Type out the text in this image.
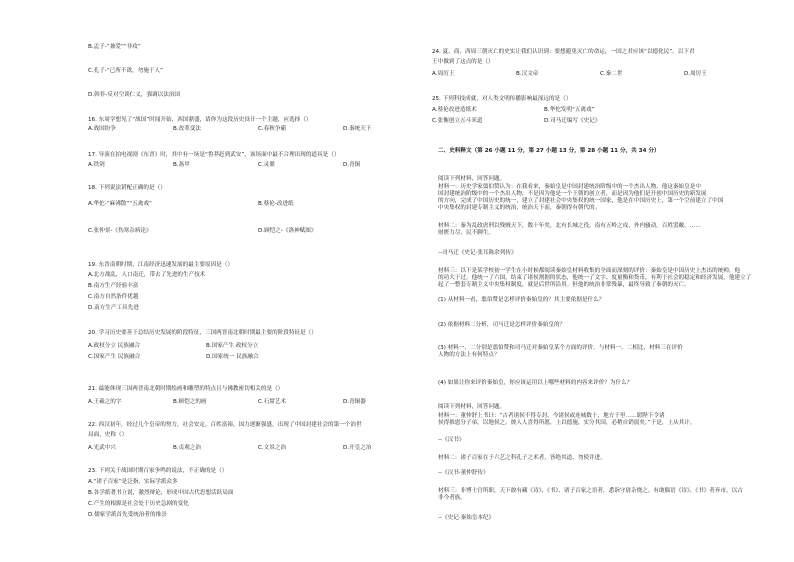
B.孟子-“兼爱”“非攻”
C.孔子-“已所不欲，勿施于人”
D.韩非-反对空谈仁义，强调以法治国
16. 东周学想见了“战国”时闻开始，西国鼎盛，请你为这段历史设计一个主题，应选择（）
A.战国纷争	B.改革变法	C.春秋争霸	D.秦统天下
17. 导演在拍电视剧《东晋》时，其中有一场是“鲁莽赶到武安”，该场面中最不合理出现的道具是（）
A.铁剑	B.盔甲	C.灵鼎	D.青铜
18. 下列说法错配正确的是（）
A.华佗-“麻沸散”“五禽戏”	B.蔡伦-改进纸
C.张仲景-《伤寒杂病论》	D.顾恺之-《洛神赋图》
19. 东晋南朝时期，江南经济迅速发展的最主要原因是（）
A.北方战乱，人口南迁，带去了先进的生产技术
B.南方生产经验丰富
C.南方自然条件优越
D.南方生产工具先进
20. 学习历史要善于总结历史发展的阶段特征，三国两晋南北朝时期最主要的阶段特征是（）
A.政权分立 民族融合	B.国家产生 政权分立
C.国家产生 民族融合	D.国家统一 民族融合
21. 最能体现三国两晋南北朝时期绘画和雕塑的特点且与佛教密切相关的是（）
A.王羲之的字	B.顾恺之的画	C.石窟艺术	D.青铜器
22. 西汉初年，经过几个皇帝的努力，社会安定，百姓富裕，国力逐渐强盛，出现了中国封建社会的第一个治世
局面，史称（）
A.光武中兴	B.贞观之治	C.文景之治	D.开皇之治
23. 下列关于战国时期百家争鸣的说法，不正确的是（）
A.“诸子百家”是泛指，实际学派众多
B.各学派著书立说，激烈辩论，形成中国古代思想活跃局面
C.产生的根源是社会处于历史急剧的变化
D.儒家学派首先受统治者的推崇
24. 夏、商、西周三朝灭亡的史实让我们认识到：要想避免灭亡的命运，一国之君应该“以德化民”。以下君
王中做到了这点的是（）
A.周厉王	B.汉文帝	C.秦二世	D.周厉王
25. 下列科技成就，对人类文明传播影响最深远的是（）
A.蔡伦改进造纸术	B.华佗发明“五禽戏”
C.张衡创立五斗米道	D.司马迁编写《史记》
二、史料释文（第 26 小题 11 分，第 27 小题 13 分，第 28 小题 11 分，共 34 分）
阅读下列材料，回答问题。
材料一：历史学家翦伯赞认为：在我看来，秦始皇是中国封建统治阶级中的一个杰出人物。他这秦始皇是中
国封建统治阶级中的一个杰出人物，不是因为他是一个王朝的创立者，而是因为他们是开创中国历史的新发展
的方向，完成了中国历史的统一，建立了封建社会中央集权的统一国家，他是在中国历史上，第一个空前建立了中国
中央集权的封建专制主义的统治，统治天下而，秦朝得有朝代的。
材料二：秦为乱政虐刑以残贼天下，数十年矣，北有长城之役，南有五岭之戍，外内骚动，百姓罢敝，……
财匮力尽，民不聊生。
--司马迁《史记·张耳陈余列传》
材料三：以下是某学校初一学生在小时候都阅读秦始皇材料收集的全面而深刻的评价：秦始皇是中国历史上杰出的统帅，他
的功大于过。他统一了六国，结束了诸侯割据的状态，他统一了文字、度量衡和货币，有利于社会的稳定和经济发展，他建立了
起了一整套专制主义中央集权制度，就是后世所沿用。但他的统治非常残暴，最终导致了秦朝的灭亡。
(1) 从材料一看，翦伯赞是怎样评价秦始皇的？其主要依据是什么？
(2) 依据材料二分析，司马迁是怎样评价秦始皇的？
(3) 材料一、二分别是翦伯赞和司马迁对秦始皇某个方面的评价。与材料一、二相比，材料三在评价
人物的方法上有何特点？
(4) 如果让你来评价秦始皇，你应该运用以上哪些材料的内容来评价？为什么？
阅读下列材料，回答问题。
材料一：董仲舒上书曰：“古者诸侯不得专封，今诸侯或连城数十，地方千里……愿陛下令诸
侯得推恩分子弟，以地侯之。彼人人喜得所愿，上以德施，实分其国，必稍自销弱矣。”于是，上从其计。
--《汉书》
材料二：诸子百家在于六艺之科孔子之术者，皆绝其道，勿使并进。
--《汉书·董仲舒传》
材料三：非博士官所职，天下敢有藏《诗》、《书》、诸子百家之语者，悉诣守尉杂烧之。有敢偶语《诗》、《书》者弃市，以古
非今者族。
--《史记·秦始皇本纪》
